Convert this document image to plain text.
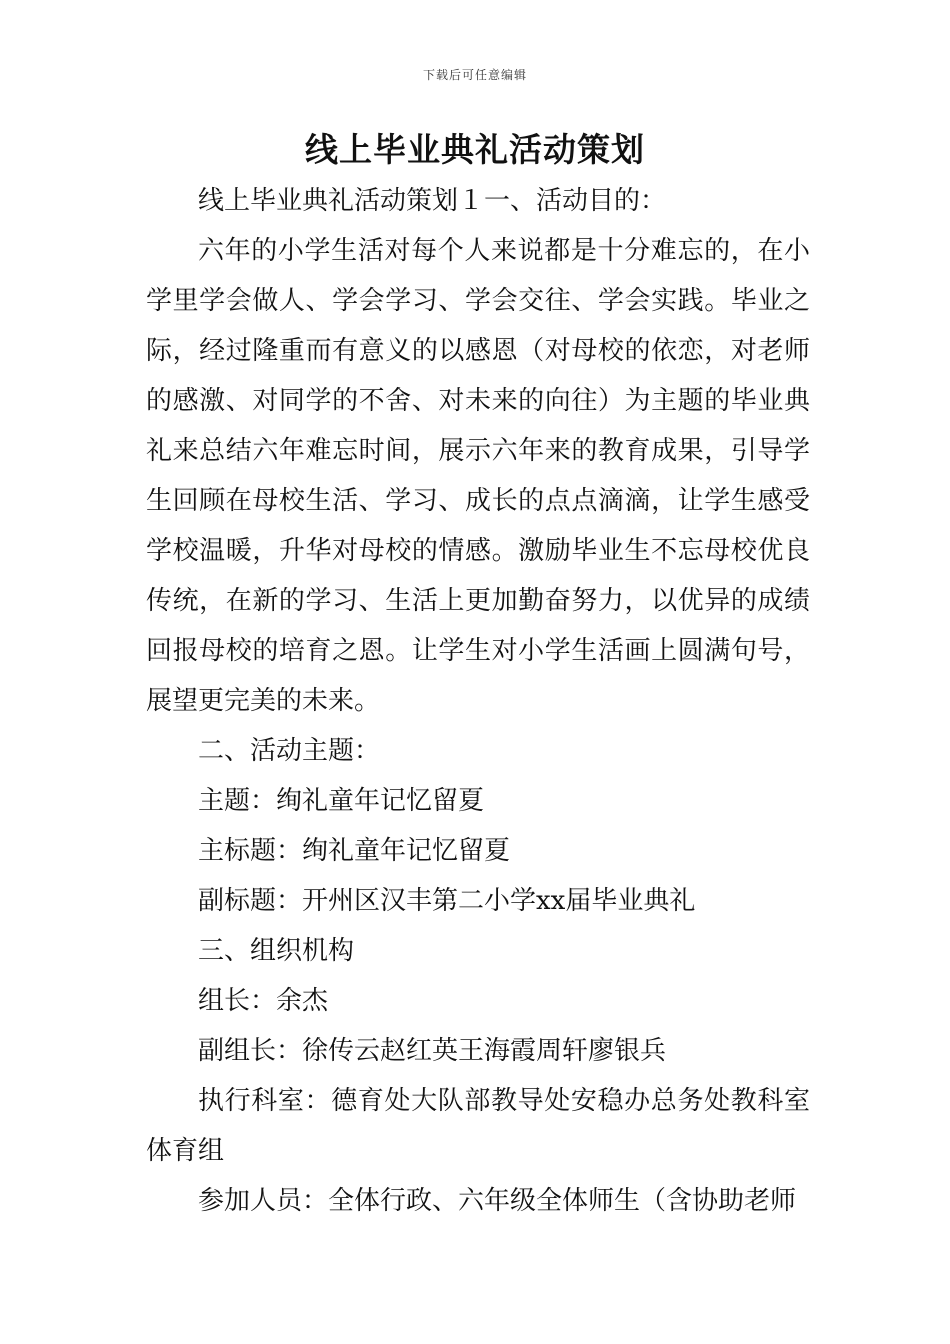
下载后可任意编辑
线上毕业典礼活动策划

线上毕业典礼活动策划１一、活动目的：

六年的小学生活对每个人来说都是十分难忘的，在小学里学会做人、学会学习、学会交往、学会实践。毕业之际，经过隆重而有意义的以感恩（对母校的依恋，对老师的感激、对同学的不舍、对未来的向往）为主题的毕业典礼来总结六年难忘时间，展示六年来的教育成果，引导学生回顾在母校生活、学习、成长的点点滴滴，让学生感受学校温暖，升华对母校的情感。激励毕业生不忘母校优良传统，在新的学习、生活上更加勤奋努力，以优异的成绩回报母校的培育之恩。让学生对小学生活画上圆满句号，展望更完美的未来。

二、活动主题：

主题：绚礼童年记忆留夏

主标题：绚礼童年记忆留夏

副标题：开州区汉丰第二小学xx届毕业典礼

三、组织机构

组长：余杰

副组长：徐传云赵红英王海霞周轩廖银兵

执行科室：德育处大队部教导处安稳办总务处教科室体育组

参加人员：全体行政、六年级全体师生（含协助老师
